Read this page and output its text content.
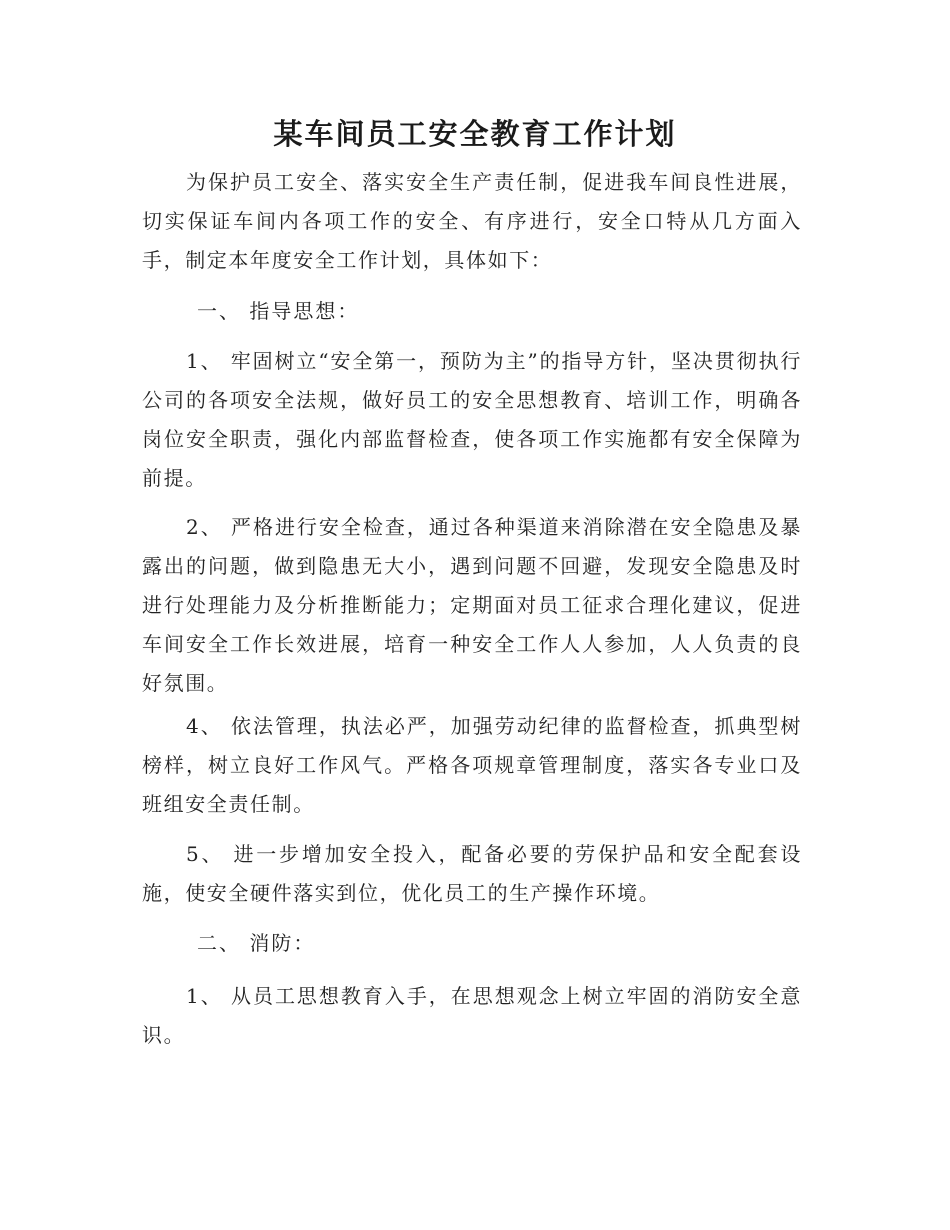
某车间员工安全教育工作计划

为保护员工安全、落实安全生产责任制，促进我车间良性进展，切实保证车间内各项工作的安全、有序进行，安全口特从几方面入手，制定本年度安全工作计划，具体如下：

一、 指导思想：

1、 牢固树立“安全第一，预防为主”的指导方针，坚决贯彻执行公司的各项安全法规，做好员工的安全思想教育、培训工作，明确各岗位安全职责，强化内部监督检查，使各项工作实施都有安全保障为前提。

2、 严格进行安全检查，通过各种渠道来消除潜在安全隐患及暴露出的问题，做到隐患无大小，遇到问题不回避，发现安全隐患及时进行处理能力及分析推断能力；定期面对员工征求合理化建议，促进车间安全工作长效进展，培育一种安全工作人人参加，人人负责的良好氛围。

4、 依法管理，执法必严，加强劳动纪律的监督检查，抓典型树榜样，树立良好工作风气。严格各项规章管理制度，落实各专业口及班组安全责任制。

5、 进一步增加安全投入，配备必要的劳保护品和安全配套设施，使安全硬件落实到位，优化员工的生产操作环境。

二、 消防：

1、 从员工思想教育入手，在思想观念上树立牢固的消防安全意识。
